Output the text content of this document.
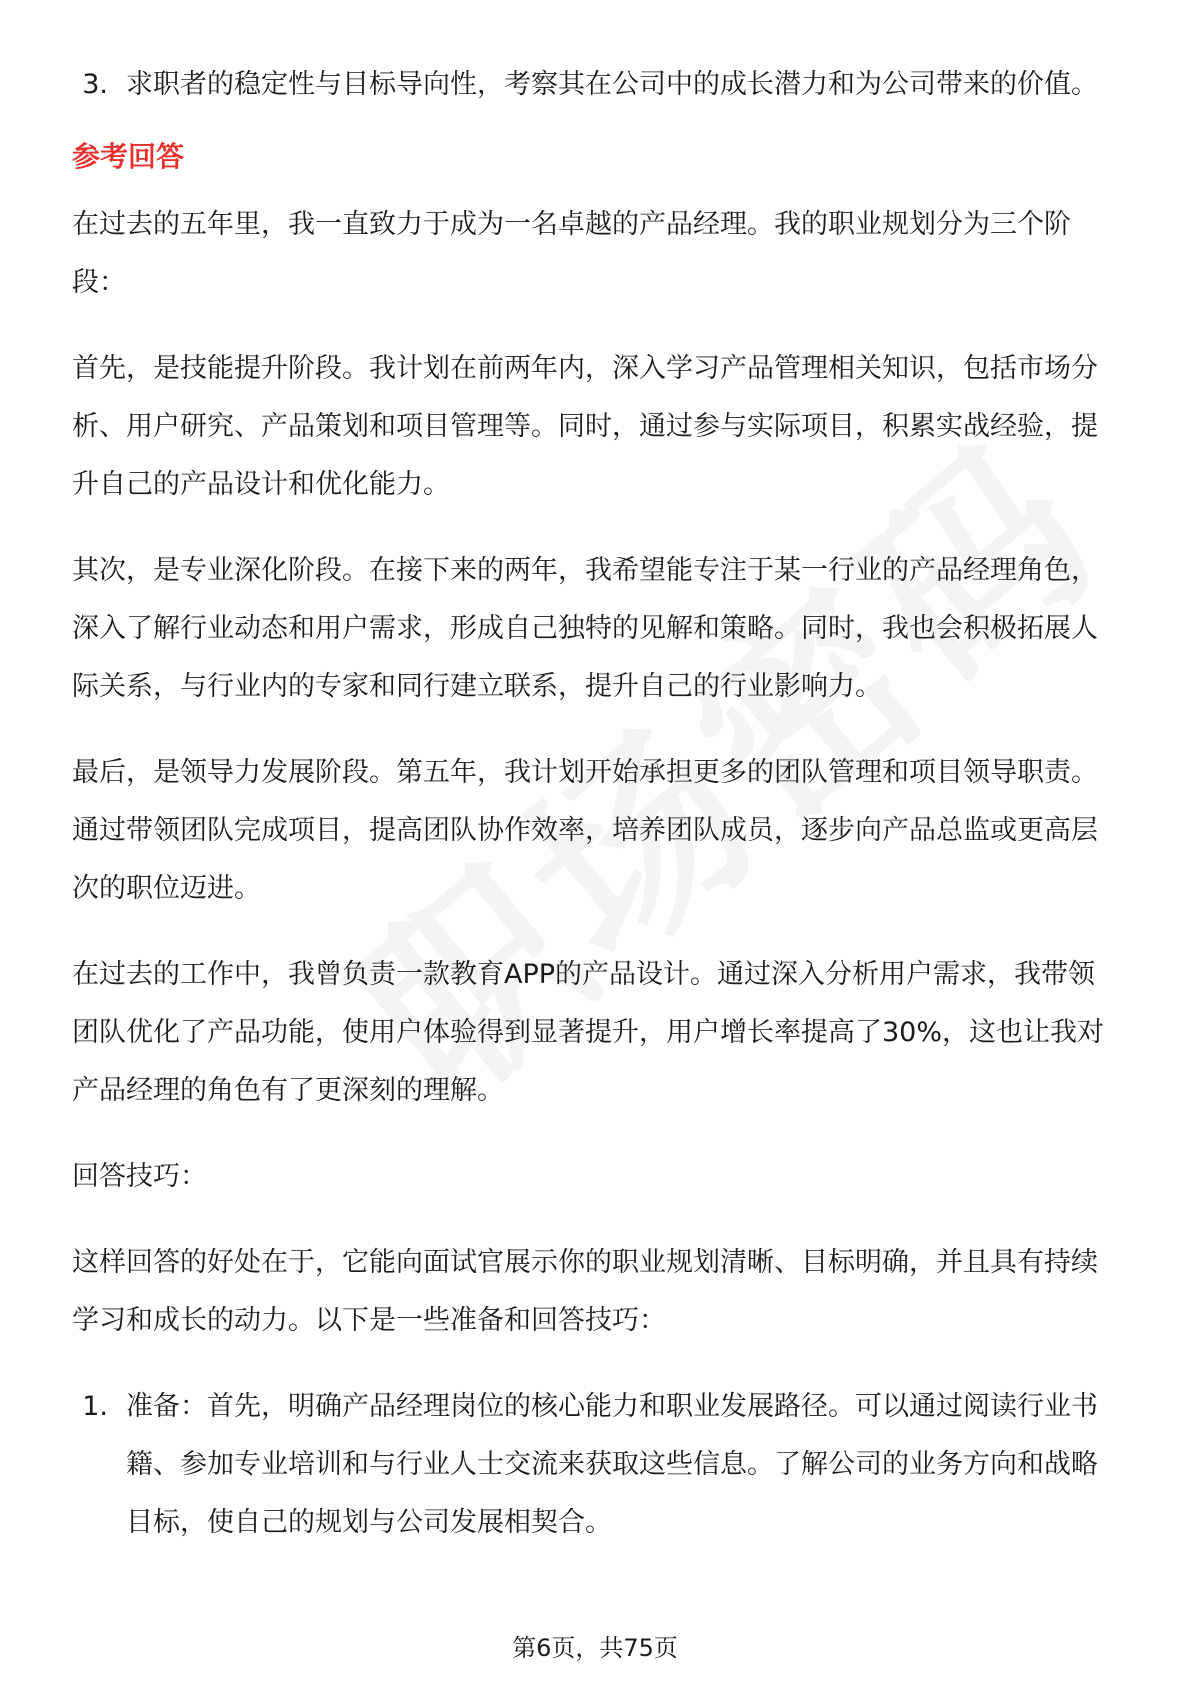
3. 求职者的稳定性与目标导向性，考察其在公司中的成长潜力和为公司带来的价值。

参考回答

在过去的五年里，我一直致力于成为一名卓越的产品经理。我的职业规划分为三个阶段：

首先，是技能提升阶段。我计划在前两年内，深入学习产品管理相关知识，包括市场分析、用户研究、产品策划和项目管理等。同时，通过参与实际项目，积累实战经验，提升自己的产品设计和优化能力。

其次，是专业深化阶段。在接下来的两年，我希望能专注于某一行业的产品经理角色，深入了解行业动态和用户需求，形成自己独特的见解和策略。同时，我也会积极拓展人际关系，与行业内的专家和同行建立联系，提升自己的行业影响力。

最后，是领导力发展阶段。第五年，我计划开始承担更多的团队管理和项目领导职责。通过带领团队完成项目，提高团队协作效率，培养团队成员，逐步向产品总监或更高层次的职位迈进。

在过去的工作中，我曾负责一款教育APP的产品设计。通过深入分析用户需求，我带领团队优化了产品功能，使用户体验得到显著提升，用户增长率提高了30%，这也让我对产品经理的角色有了更深刻的理解。

回答技巧：

这样回答的好处在于，它能向面试官展示你的职业规划清晰、目标明确，并且具有持续学习和成长的动力。以下是一些准备和回答技巧：

1. 准备：首先，明确产品经理岗位的核心能力和职业发展路径。可以通过阅读行业书籍、参加专业培训和与行业人士交流来获取这些信息。了解公司的业务方向和战略目标，使自己的规划与公司发展相契合。

第6页，共75页
